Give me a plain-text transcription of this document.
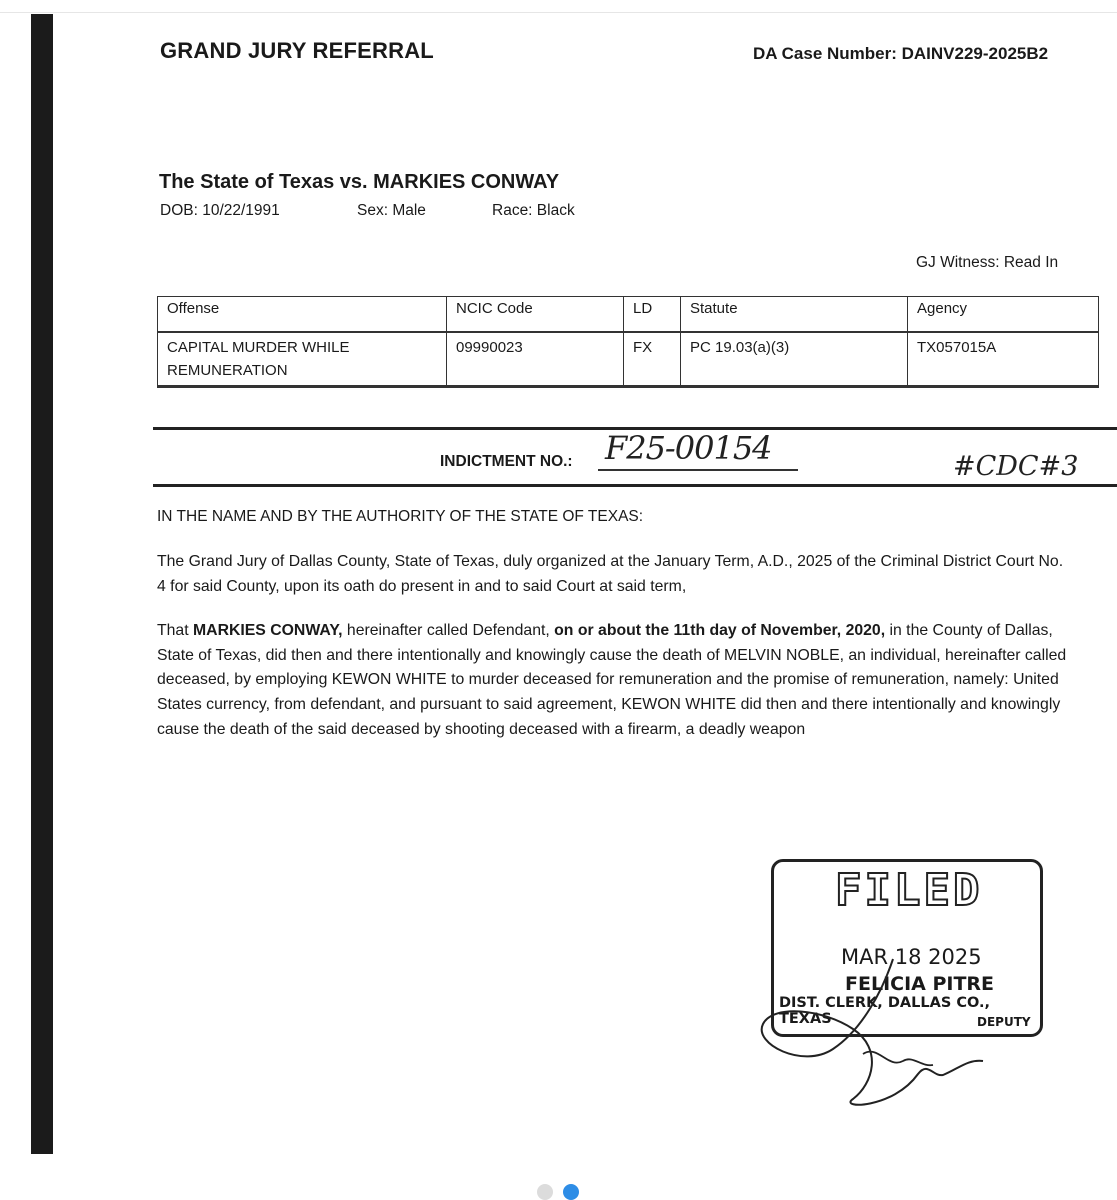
GRAND JURY REFERRAL	DA Case Number: DAINV229-2025B2
The State of Texas vs. MARKIES CONWAY
DOB: 10/22/1991	Sex: Male	Race: Black
GJ Witness: Read In
Offense	NCIC Code	LD	Statute	Agency
CAPITAL MURDER WHILE
REMUNERATION	09990023	FX	PC 19.03(a)(3)	TX057015A
INDICTMENT NO.: F25-00154	#CDC#3
IN THE NAME AND BY THE AUTHORITY OF THE STATE OF TEXAS:
The Grand Jury of Dallas County, State of Texas, duly organized at the January Term, A.D., 2025 of the Criminal District Court No. 4 for said County, upon its oath do present in and to said Court at said term,
That MARKIES CONWAY, hereinafter called Defendant, on or about the 11th day of November, 2020, in the County of Dallas, State of Texas, did then and there intentionally and knowingly cause the death of MELVIN NOBLE, an individual, hereinafter called deceased, by employing KEWON WHITE to murder deceased for remuneration and the promise of remuneration, namely: United States currency, from defendant, and pursuant to said agreement, KEWON WHITE did then and there intentionally and knowingly cause the death of the said deceased by shooting deceased with a firearm, a deadly weapon
FILED
MAR 18 2025
FELICIA PITRE
DIST. CLERK, DALLAS CO., TEXAS	DEPUTY
